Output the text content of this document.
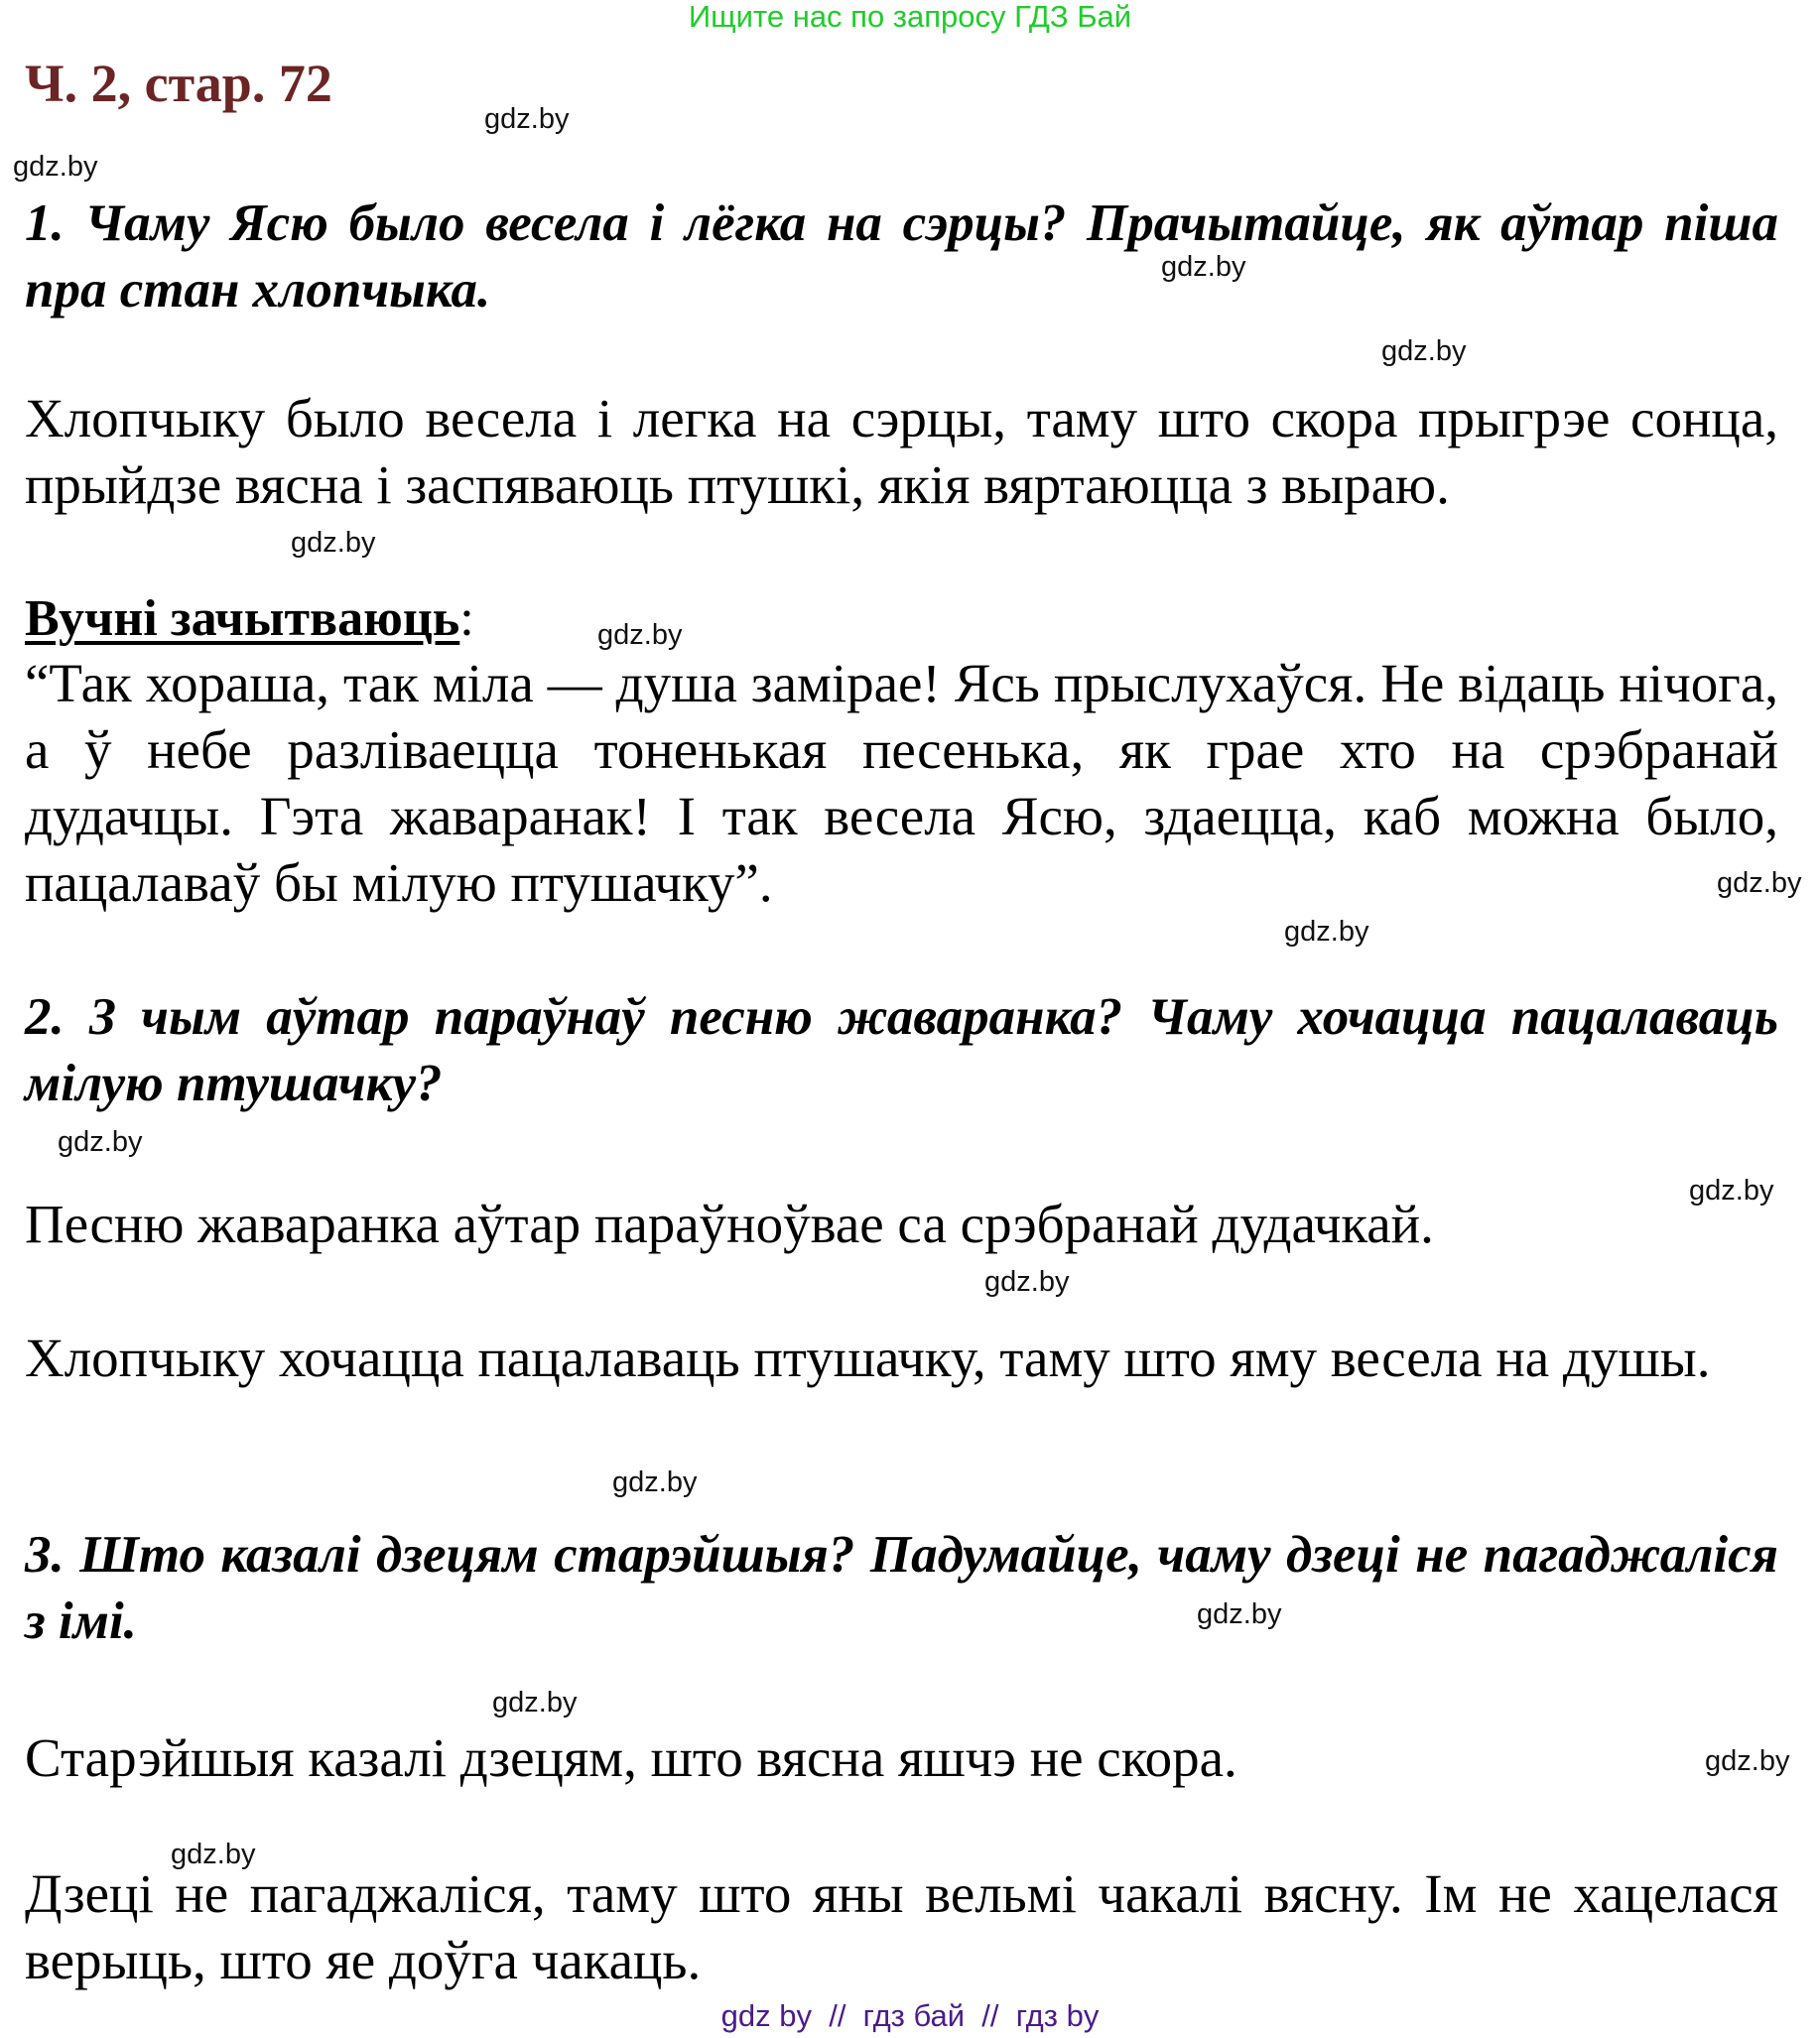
Ищите нас по запросу ГДЗ Бай
Ч. 2, стар. 72
1. Чаму Ясю было весела і лёгка на сэрцы? Прачытайце, як аўтар піша пра стан хлопчыка.
Хлопчыку было весела і легка на сэрцы, таму што скора прыгрэе сонца, прыйдзе вясна і заспяваюць птушкі, якія вяртаюцца з выраю.
Вучні зачытваюць:
“Так хораша, так міла — душа замірае! Ясь прыслухаўся. Не відаць нічога, а ў небе разліваецца тоненькая песенька, як грае хто на срэбранай дудачцы. Гэта жаваранак! І так весела Ясю, здаецца, каб можна было, пацалаваў бы мілую птушачку”.
2. З чым аўтар параўнаў песню жаваранка? Чаму хочацца пацалаваць мілую птушачку?
Песню жаваранка аўтар параўноўвае са срэбранай дудачкай.
Хлопчыку хочацца пацалаваць птушачку, таму што яму весела на душы.
3. Што казалі дзецям старэйшыя? Падумайце, чаму дзеці не пагаджаліся з імі.
Старэйшыя казалі дзецям, што вясна яшчэ не скора.
Дзеці не пагаджаліся, таму што яны вельмі чакалі вясну. Ім не хацелася верыць, што яе доўга чакаць.
gdz.by
gdz.by
gdz.by
gdz.by
gdz.by
gdz.by
gdz.by
gdz.by
gdz.by
gdz.by
gdz.by
gdz.by
gdz.by
gdz.by
gdz.by
gdz.by
gdz by  //  гдз бай  //  гдз by
